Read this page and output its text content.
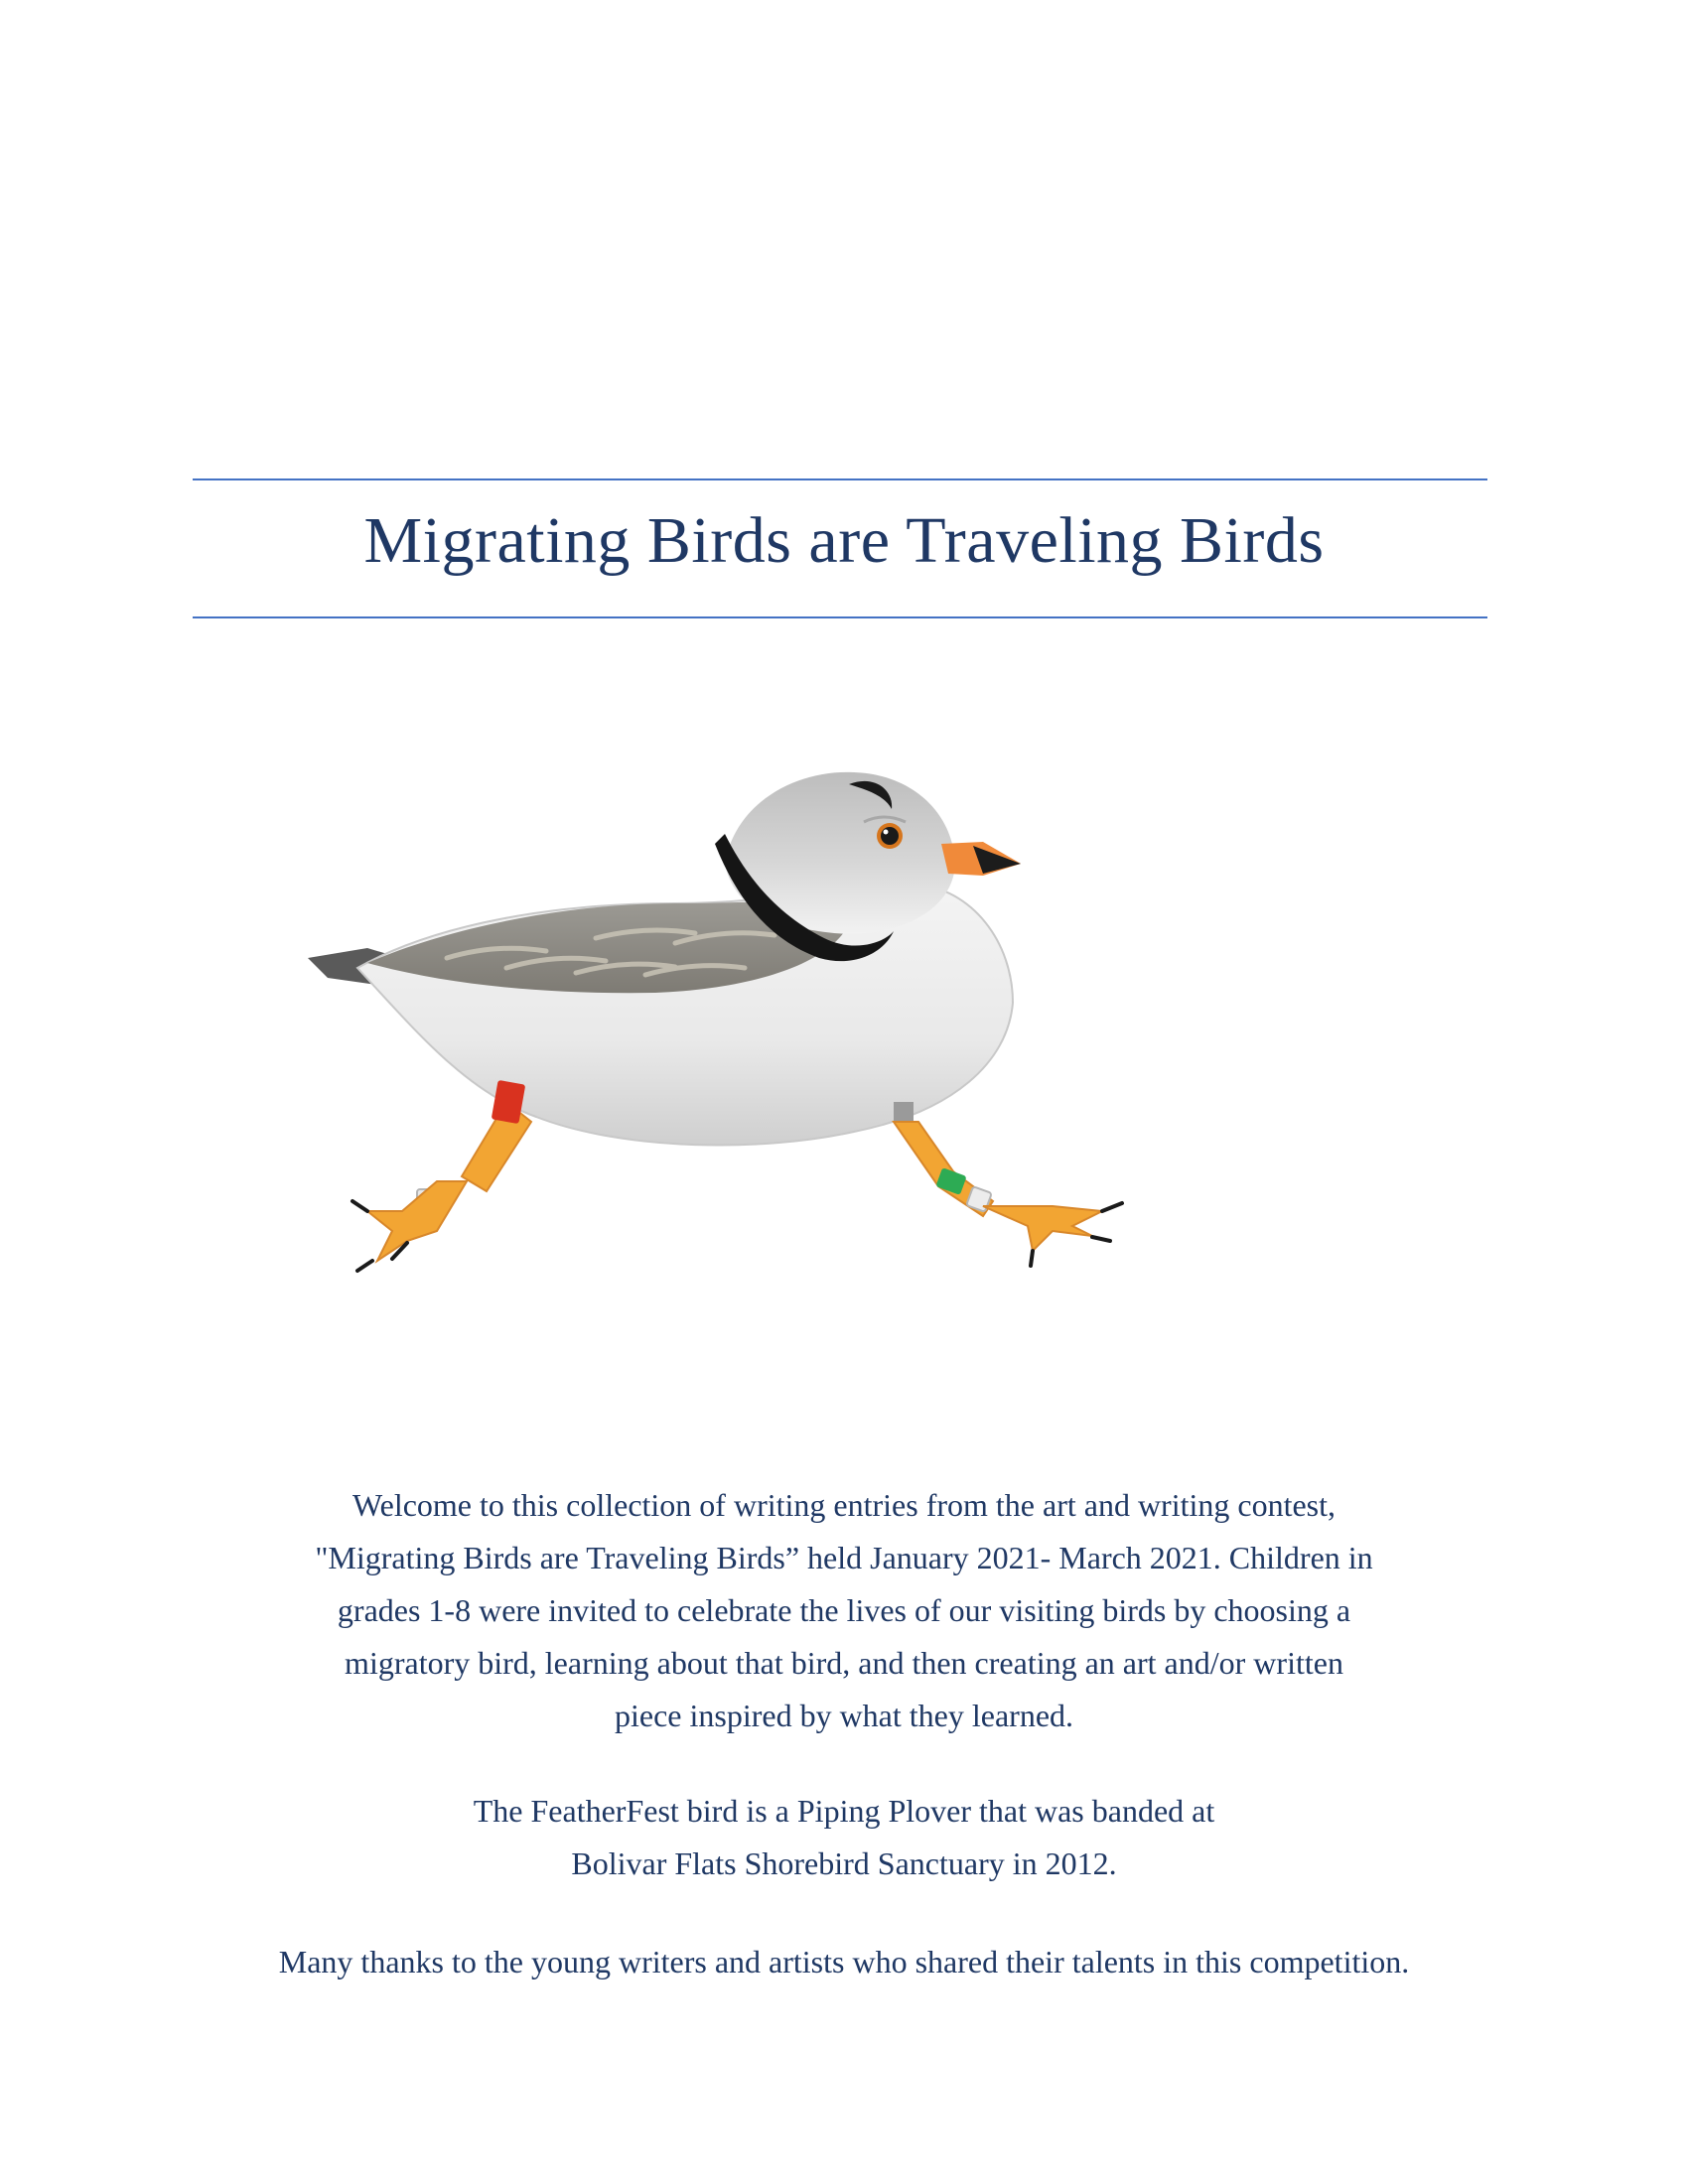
Migrating Birds are Traveling Birds

Welcome to this collection of writing entries from the art and writing contest,
"Migrating Birds are Traveling Birds” held January 2021- March 2021. Children in
grades 1-8 were invited to celebrate the lives of our visiting birds by choosing a
migratory bird, learning about that bird, and then creating an art and/or written
piece inspired by what they learned.

The FeatherFest bird is a Piping Plover that was banded at
Bolivar Flats Shorebird Sanctuary in 2012.

Many thanks to the young writers and artists who shared their talents in this competition.
